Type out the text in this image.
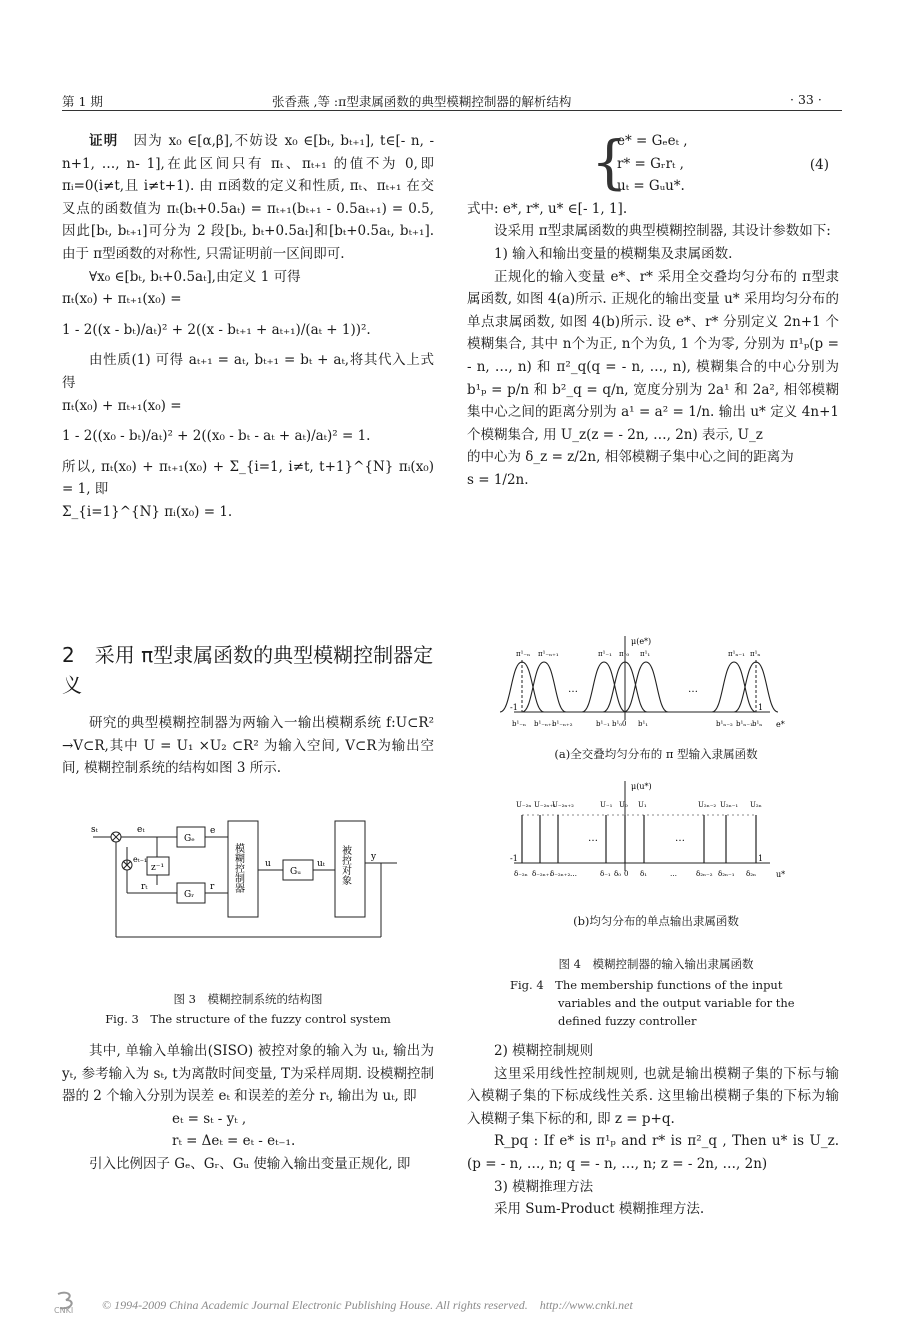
第 1 期	张香燕 ,等 :π型隶属函数的典型模糊控制器的解析结构	· 33 ·

证明　 因为 x₀ ∈[α,β],不妨设 x₀ ∈[bₜ, bₜ₊₁], t∈[- n, - n+1, …, n- 1],在此区间只有 πₜ、πₜ₊₁ 的值不为 0,即 πᵢ=0(i≠t,且 i≠t+1). 由 π函数的定义和性质, πₜ、πₜ₊₁ 在交叉点的函数值为 πₜ(bₜ+0.5aₜ) = πₜ₊₁(bₜ₊₁ - 0.5aₜ₊₁) = 0.5,因此[bₜ, bₜ₊₁]可分为 2 段[bₜ, bₜ+0.5aₜ]和[bₜ+0.5aₜ, bₜ₊₁]. 由于 π型函数的对称性, 只需证明前一区间即可.

∀x₀ ∈[bₜ, bₜ+0.5aₜ],由定义 1 可得

πₜ(x₀) + πₜ₊₁(x₀) =

1 - 2((x - bₜ)/aₜ)² + 2((x - bₜ₊₁ + aₜ₊₁)/(aₜ + 1))².

由性质(1) 可得 aₜ₊₁ = aₜ, bₜ₊₁ = bₜ + aₜ,将其代入上式得

πₜ(x₀) + πₜ₊₁(x₀) =

1 - 2((x₀ - bₜ)/aₜ)² + 2((x₀ - bₜ - aₜ + aₜ)/aₜ)² = 1.

所以, πₜ(x₀) + πₜ₊₁(x₀) + Σ_{i=1, i≠t, t+1}^{N} πᵢ(x₀) = 1, 即

Σ_{i=1}^{N} πᵢ(x₀) = 1.

2　 采用 π型隶属函数的典型模糊控制器定义

研究的典型模糊控制器为两输入一输出模糊系统 f:U⊂R² →V⊂R,其中 U = U₁ ×U₂ ⊂R² 为输入空间, V⊂R为输出空间, 模糊控制系统的结构如图 3 所示.

sₜ	eₜ
eₜ₋₁
z⁻¹
rₜ
Gₑ
Gᵣ
Gᵤ
e
r
u	uₜ
y
模糊控制器	被控对象
图 3　模糊控制系统的结构图
Fig. 3　The structure of the fuzzy control system

其中, 单输入单输出(SISO) 被控对象的输入为 uₜ, 输出为 yₜ, 参考输入为 sₜ, t为离散时间变量, T为采样周期. 设模糊控制器的 2 个输入分别为误差 eₜ 和误差的差分 rₜ, 输出为 uₜ, 即

eₜ = sₜ - yₜ ,

rₜ = Δeₜ = eₜ - eₜ₋₁.

引入比例因子 Gₑ、Gᵣ、Gᵤ 使输入输出变量正规化, 即

{

e* = Gₑeₜ ,

r* = Gᵣrₜ ,

uₜ = Gᵤu*.

(4)

式中: e*, r*, u* ∈[- 1, 1].

设采用 π型隶属函数的典型模糊控制器, 其设计参数如下:

1) 输入和输出变量的模糊集及隶属函数.

正规化的输入变量 e*、r* 采用全交叠均匀分布的 π型隶属函数, 如图 4(a)所示. 正规化的输出变量 u* 采用均匀分布的单点隶属函数, 如图 4(b)所示. 设 e*、r* 分别定义 2n+1 个模糊集合, 其中 n个为正, n个为负, 1 个为零, 分别为 π¹ₚ(p = - n, …, n) 和 π²_q(q = - n, …, n), 模糊集合的中心分别为 b¹ₚ = p/n 和 b²_q = q/n, 宽度分别为 2a¹ 和 2a², 相邻模糊集中心之间的距离分别为 a¹ = a² = 1/n. 输出 u* 定义 4n+1 个模糊集合, 用 U_z(z = - 2n, …, 2n) 表示, U_z

的中心为 δ_z = z/2n, 相邻模糊子集中心之间的距离为

s = 1/2n.

μ(e*)
e*
-1	1
…	…
π¹₋ₙ π¹₋ₙ₊₁	π¹₋₁ π¹₀ π¹₁	π¹ₙ₋₁ π¹ₙ
b¹₋ₙ b¹₋ₙ₊₁
b¹₋ₙ₊₂	b¹₋₁ b¹₀ 0 b¹₁	b¹ₙ₋₂ b¹ₙ₋₁ b¹ₙ
(a)全交叠均匀分布的 π 型输入隶属函数
μ(u*)
u*
-1	1
…	…
U₋₂ₙ U₋₂ₙ₊₁
U₋₂ₙ₊₂	U₋₁ U₀ U₁	U₂ₙ₋₂ U₂ₙ₋₁ U₂ₙ
δ₋₂ₙ δ₋₂ₙ₊₁
δ₋₂ₙ₊₂ …	δ₋₁ δ₀ 0 δ₁	…	δ₂ₙ₋₂ δ₂ₙ₋₁ δ₂ₙ
(b)均匀分布的单点输出隶属函数
图 4　模糊控制器的输入输出隶属函数
Fig. 4　The membership functions of the input
variables and the output variable for the
defined fuzzy controller

2) 模糊控制规则

这里采用线性控制规则, 也就是输出模糊子集的下标与输入模糊子集的下标成线性关系. 这里输出模糊子集的下标为输入模糊子集下标的和, 即 z = p+q.

R_pq : If e* is π¹ₚ and r* is π²_q , Then u* is U_z. (p = - n, …, n; q = - n, …, n; z = - 2n, …, 2n)

3) 模糊推理方法

采用 Sum-Product 模糊推理方法.

CNKI © 1994-2009 China Academic Journal Electronic Publishing House. All rights reserved.　http://www.cnki.net
